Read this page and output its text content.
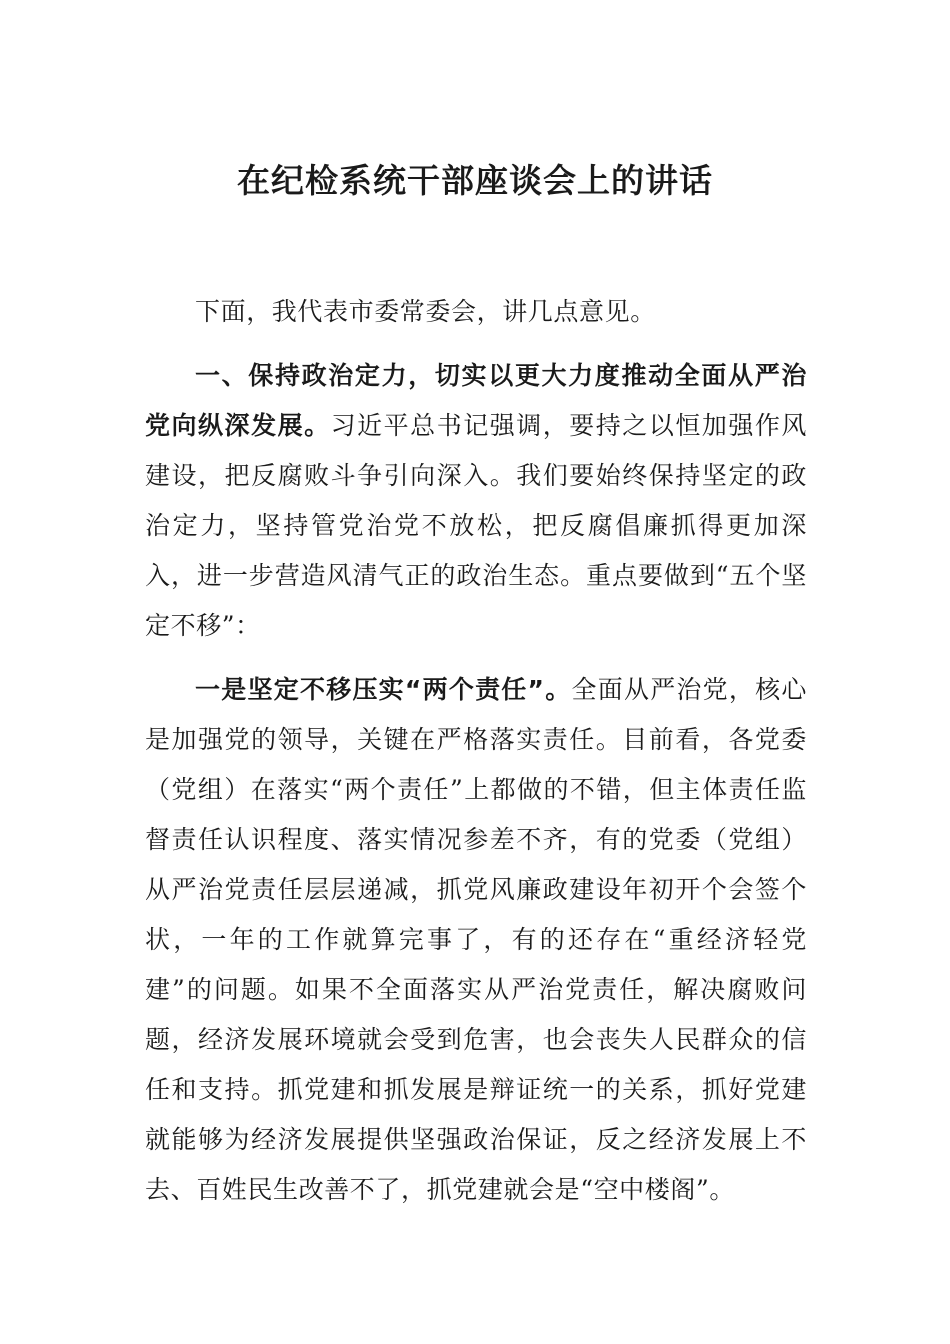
在纪检系统干部座谈会上的讲话

下面，我代表市委常委会，讲几点意见。

一、保持政治定力，切实以更大力度推动全面从严治党向纵深发展。习近平总书记强调，要持之以恒加强作风建设，把反腐败斗争引向深入。我们要始终保持坚定的政治定力，坚持管党治党不放松，把反腐倡廉抓得更加深入，进一步营造风清气正的政治生态。重点要做到“五个坚定不移”：

一是坚定不移压实“两个责任”。全面从严治党，核心是加强党的领导，关键在严格落实责任。目前看，各党委（党组）在落实“两个责任”上都做的不错，但主体责任监督责任认识程度、落实情况参差不齐，有的党委（党组）从严治党责任层层递减，抓党风廉政建设年初开个会签个状，一年的工作就算完事了，有的还存在“重经济轻党建”的问题。如果不全面落实从严治党责任，解决腐败问题，经济发展环境就会受到危害，也会丧失人民群众的信任和支持。抓党建和抓发展是辩证统一的关系，抓好党建就能够为经济发展提供坚强政治保证，反之经济发展上不去、百姓民生改善不了，抓党建就会是“空中楼阁”。
